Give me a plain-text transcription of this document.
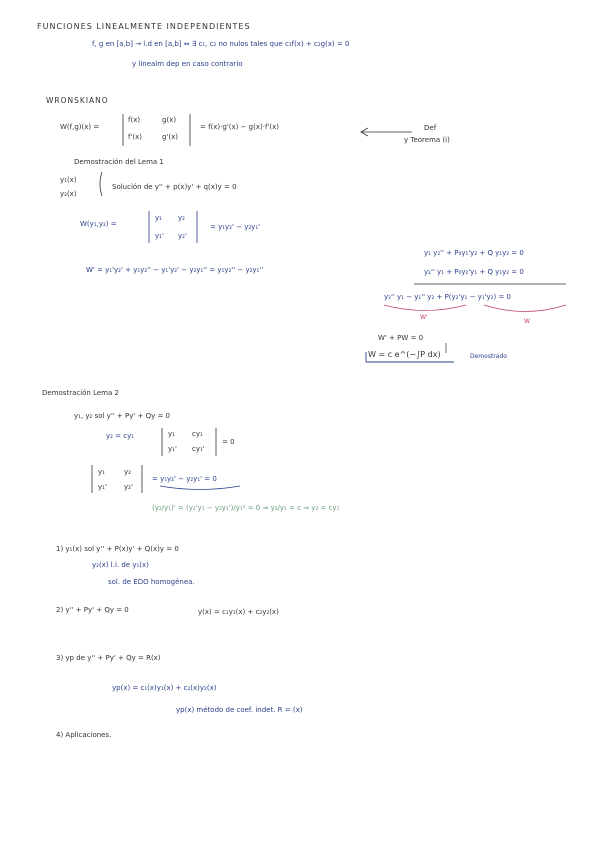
FUNCIONES LINEALMENTE INDEPENDIENTES
f, g en [a,b] → l.d en [a,b] ⇔ ∃ c₁, c₂ no nulos tales que c₁f(x) + c₂g(x) = 0
y linealm dep en caso contrario
WRONSKIANO
W(f,g)(x) =
f(x)	g(x)
f'(x)	g'(x)
= f(x)·g'(x) − g(x)·f'(x)	Def
y Teorema (i)
Demostración del Lema 1
y₁(x)
y₂(x)
Solución de y'' + p(x)y' + q(x)y = 0
W(y₁,y₂) =
y₁ y₂
y₁' y₂'
= y₁y₂' − y₂y₁'
W' = y₁'y₂' + y₁y₂'' − y₁'y₂' − y₂y₁'' = y₁y₂'' − y₂y₁''
y₁ y₂'' + P₀y₁'y₂ + Q y₁y₂ = 0
y₂'' y₁ + P₀y₂'y₁ + Q y₁y₂ = 0
y₂'' y₁ − y₁'' y₂ + P(y₂'y₁ − y₁'y₂) = 0
W'
W
W' + PW = 0
W = c e^(−∫P dx)	Demostrado
Demostración Lema 2
y₁, y₂ sol y'' + Py' + Qy = 0
y₂ = cy₁	y₁ cy₁
y₁' cy₁'
= 0
y₁	y₂
y₁' y₂'
= y₁y₂' − y₂y₁' = 0
(y₂/y₁)' = (y₂'y₁ − y₂y₁')/y₁² = 0 ⇒ y₂/y₁ = c ⇒ y₂ = cy₁
1) y₁(x) sol y'' + P(x)y' + Q(x)y = 0
y₂(x) l.i. de y₁(x)
sol. de EDO homogénea.
2) y'' + Py' + Qy = 0	y(x) = c₁y₁(x) + c₂y₂(x)
3) yp de y'' + Py' + Qy = R(x)
yp(x) = c₁(x)y₁(x) + c₂(x)y₂(x)
yp(x) método de coef. indet. R = (x)
4) Aplicaciones.
